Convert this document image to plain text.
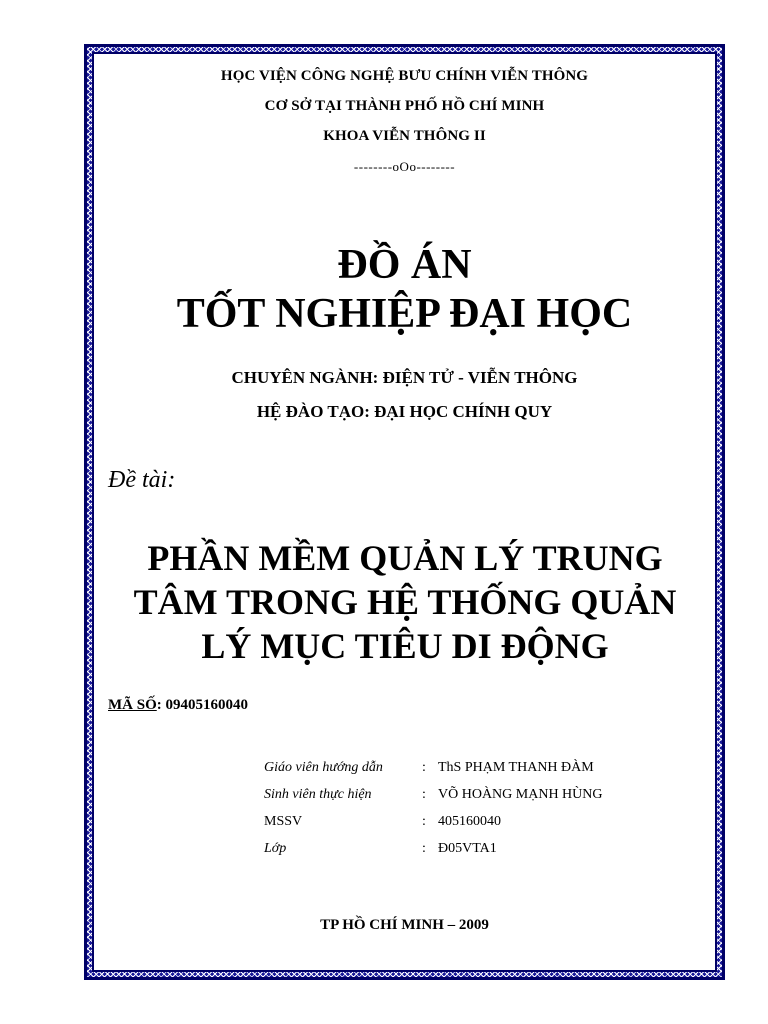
HỌC VIỆN CÔNG NGHỆ BƯU CHÍNH VIỄN THÔNG
CƠ SỞ TẠI THÀNH PHỐ HỒ CHÍ MINH
KHOA VIỄN THÔNG II
--------oOo--------
ĐỒ ÁN
TỐT NGHIỆP ĐẠI HỌC
CHUYÊN NGÀNH: ĐIỆN TỬ - VIỄN THÔNG
HỆ ĐÀO TẠO: ĐẠI HỌC CHÍNH QUY
Đề tài:
PHẦN MỀM QUẢN LÝ TRUNG
TÂM TRONG HỆ THỐNG QUẢN
LÝ MỤC TIÊU DI ĐỘNG
MÃ SỐ: 09405160040
Giáo viên hướng dẫn	:	ThS PHẠM THANH ĐÀM
Sinh viên thực hiện	:	VÕ HOÀNG MẠNH HÙNG
MSSV	:	405160040
Lớp	:	Đ05VTA1
TP HỒ CHÍ MINH – 2009
